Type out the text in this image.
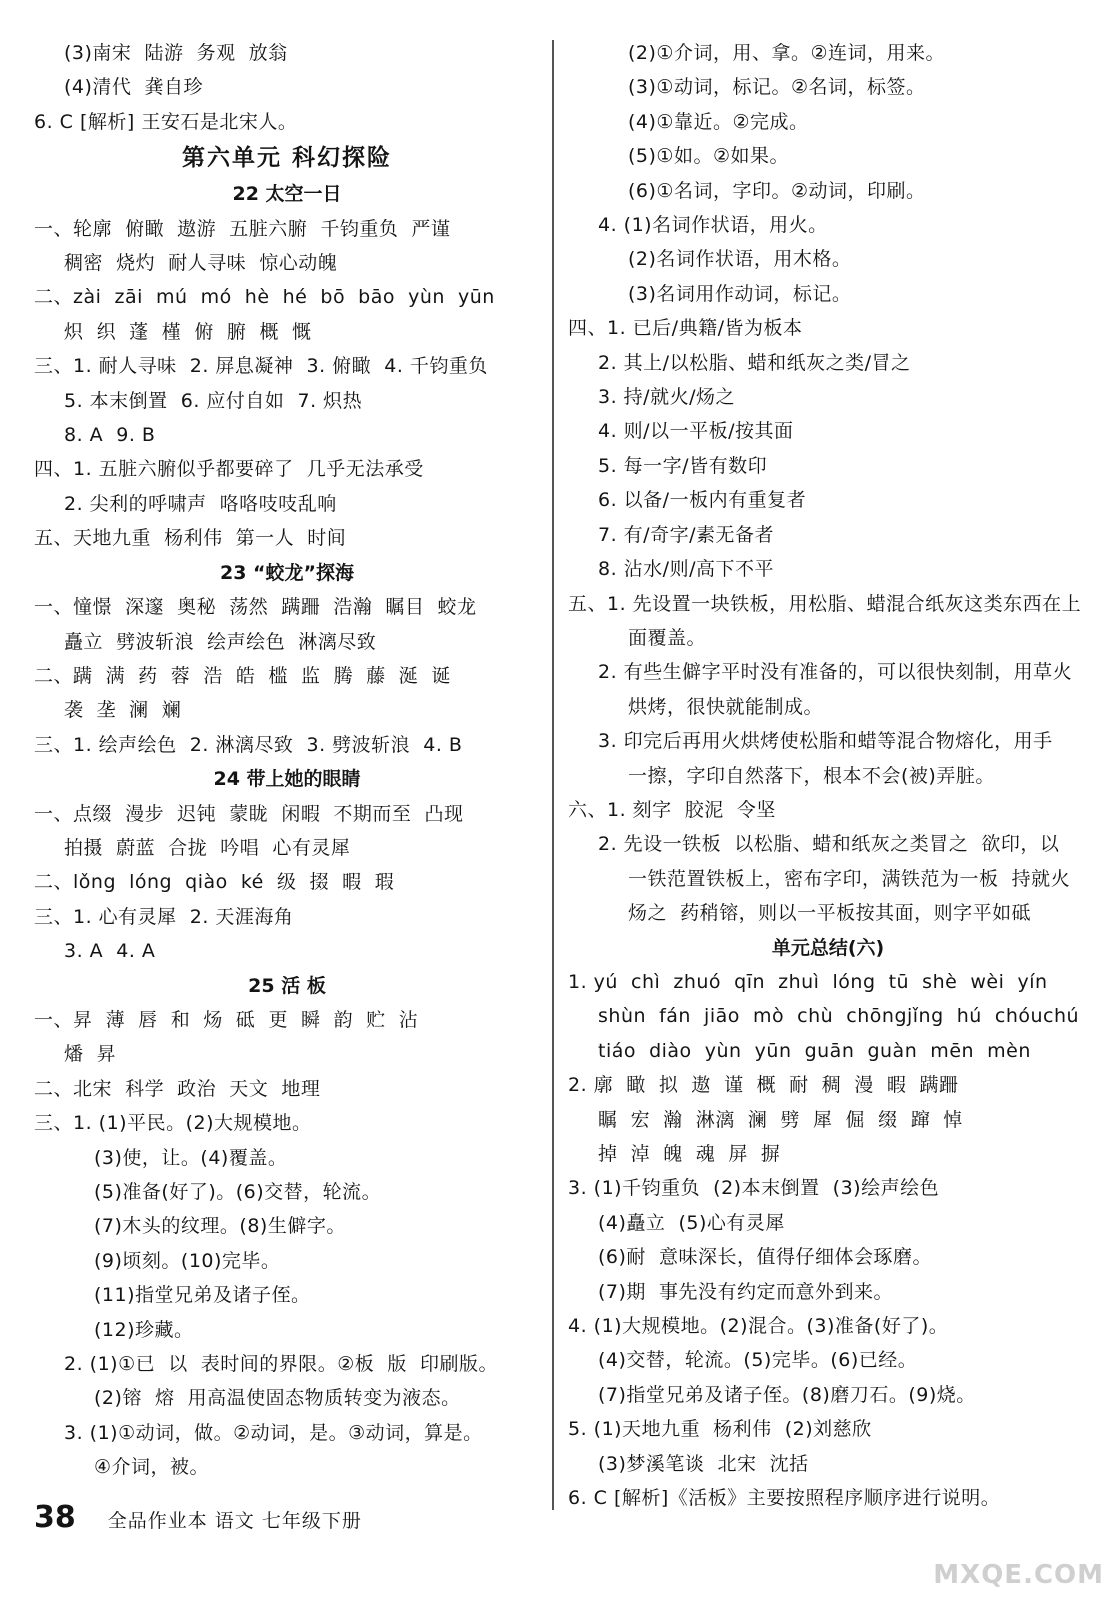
(3)南宋  陆游  务观  放翁
(4)清代  龚自珍
6. C [解析] 王安石是北宋人。
第六单元 科幻探险
22 太空一日
一、轮廓  俯瞰  遨游  五脏六腑  千钧重负  严谨
稠密  烧灼  耐人寻味  惊心动魄
二、zài  zāi  mú  mó  hè  hé  bō  bāo  yùn  yūn
炽  织  蓬  槿  俯  腑  概  慨
三、1. 耐人寻味  2. 屏息凝神  3. 俯瞰  4. 千钧重负
5. 本末倒置  6. 应付自如  7. 炽热
8. A  9. B
四、1. 五脏六腑似乎都要碎了  几乎无法承受
2. 尖利的呼啸声  咯咯吱吱乱响
五、天地九重  杨利伟  第一人  时间
23 “蛟龙”探海
一、憧憬  深邃  奥秘  荡然  蹒跚  浩瀚  瞩目  蛟龙
矗立  劈波斩浪  绘声绘色  淋漓尽致
二、蹒  满  药  蓉  浩  皓  槛  监  腾  藤  涎  诞
袭  垄  澜  斓
三、1. 绘声绘色  2. 淋漓尽致  3. 劈波斩浪  4. B
24 带上她的眼睛
一、点缀  漫步  迟钝  蒙眬  闲暇  不期而至  凸现
拍摄  蔚蓝  合拢  吟唱  心有灵犀
二、lǒng  lóng  qiào  ké  级  掇  暇  瑕
三、1. 心有灵犀  2. 天涯海角
3. A  4. A
25 活 板
一、昇  薄  唇  和  炀  砥  更  瞬  韵  贮  沾
燔  昇
二、北宋  科学  政治  天文  地理
三、1. (1)平民。(2)大规模地。
(3)使，让。(4)覆盖。
(5)准备(好了)。(6)交替，轮流。
(7)木头的纹理。(8)生僻字。
(9)顷刻。(10)完毕。
(11)指堂兄弟及诸子侄。
(12)珍藏。
2. (1)①已  以  表时间的界限。②板  版  印刷版。
(2)镕  熔  用高温使固态物质转变为液态。
3. (1)①动词，做。②动词，是。③动词，算是。
④介词，被。
(2)①介词，用、拿。②连词，用来。
(3)①动词，标记。②名词，标签。
(4)①靠近。②完成。
(5)①如。②如果。
(6)①名词，字印。②动词，印刷。
4. (1)名词作状语，用火。
(2)名词作状语，用木格。
(3)名词用作动词，标记。
四、1. 已后/典籍/皆为板本
2. 其上/以松脂、蜡和纸灰之类/冒之
3. 持/就火/炀之
4. 则/以一平板/按其面
5. 每一字/皆有数印
6. 以备/一板内有重复者
7. 有/奇字/素无备者
8. 沾水/则/高下不平
五、1. 先设置一块铁板，用松脂、蜡混合纸灰这类东西在上
面覆盖。
2. 有些生僻字平时没有准备的，可以很快刻制，用草火
烘烤，很快就能制成。
3. 印完后再用火烘烤使松脂和蜡等混合物熔化，用手
一擦，字印自然落下，根本不会(被)弄脏。
六、1. 刻字  胶泥  令坚
2. 先设一铁板  以松脂、蜡和纸灰之类冒之  欲印，以
一铁范置铁板上，密布字印，满铁范为一板  持就火
炀之  药稍镕，则以一平板按其面，则字平如砥
单元总结(六)
1. yú  chì  zhuó  qīn  zhuì  lóng  tū  shè  wèi  yín
shùn  fán  jiāo  mò  chù  chōngjǐng  hú  chóuchú
tiáo  diào  yùn  yūn  guān  guàn  mēn  mèn
2. 廓  瞰  拟  遨  谨  概  耐  稠  漫  暇  蹒跚
瞩  宏  瀚  淋漓  澜  劈  犀  倔  缀  蹿  悼
掉  淖  魄  魂  屏  摒
3. (1)千钧重负  (2)本末倒置  (3)绘声绘色
(4)矗立  (5)心有灵犀
(6)耐  意味深长，值得仔细体会琢磨。
(7)期  事先没有约定而意外到来。
4. (1)大规模地。(2)混合。(3)准备(好了)。
(4)交替，轮流。(5)完毕。(6)已经。
(7)指堂兄弟及诸子侄。(8)磨刀石。(9)烧。
5. (1)天地九重  杨利伟  (2)刘慈欣
(3)梦溪笔谈  北宋  沈括
6. C [解析]《活板》主要按照程序顺序进行说明。
38 全品作业本 语文 七年级下册
MXQE.COM
